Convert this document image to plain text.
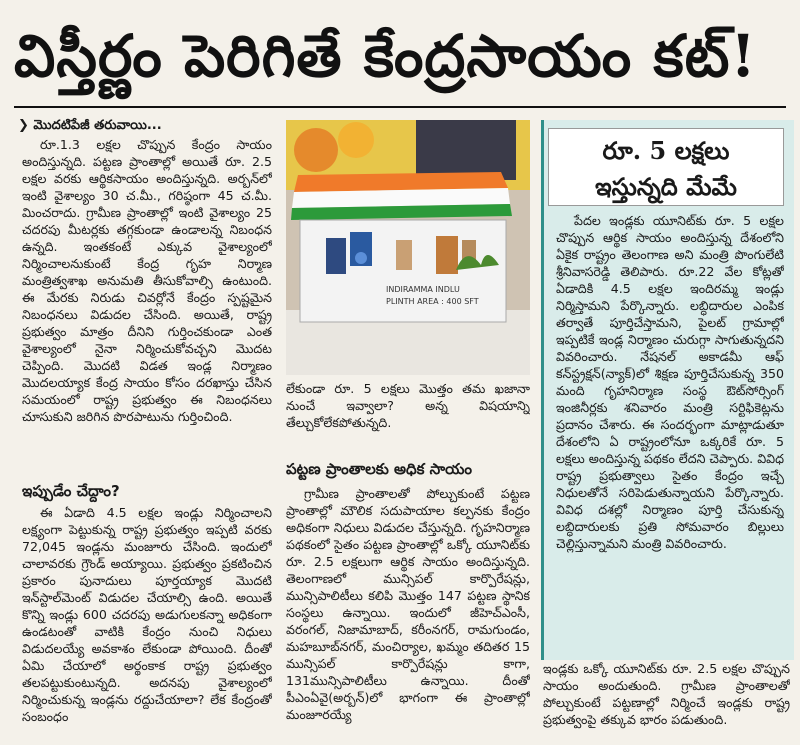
విస్తీర్ణం పెరిగితే కేంద్రసాయం కట్‌!
❯ మొదటిపేజీ తరువాయి...

రూ.1.3 లక్షల చొప్పున కేంద్రం సాయం అందిస్తున్నది. పట్టణ ప్రాంతాల్లో అయితే రూ. 2.5 లక్షల వరకు ఆర్థికసాయం అందిస్తున్నది. అర్బన్‌లో ఇంటి వైశాల్యం 30 చ.మీ., గరిష్ఠంగా 45 చ.మీ. మించరాదు. గ్రామీణ ప్రాంతాల్లో ఇంటి వైశాల్యం 25 చదరపు మీటర్లకు తగ్గకుండా ఉండాలన్న నిబంధన ఉన్నది. ఇంతకంటే ఎక్కువ వైశాల్యంలో నిర్మించాలనుకుంటే కేంద్ర గృహ నిర్మాణ మంత్రిత్వశాఖ అనుమతి తీసుకోవాల్సి ఉంటుంది. ఈ మేరకు నిరుడు చివర్లోనే కేంద్రం స్పష్టమైన నిబంధనలు విడుదల చేసింది. అయితే, రాష్ట్ర ప్రభుత్వం మాత్రం దీనిని గుర్తించకుండా ఎంత వైశాల్యంలో నైనా నిర్మించుకోవచ్చని మొదట చెప్పింది. మొదటి విడత ఇండ్ల నిర్మాణం మొదలయ్యాక కేంద్ర సాయం కోసం దరఖాస్తు చేసిన సమయంలో రాష్ట్ర ప్రభుత్వం ఈ నిబంధనలు చూసుకుని జరిగిన పొరపాటును గుర్తించింది.

ఇప్పుడేం చేద్దాం?

ఈ ఏడాది 4.5 లక్షల ఇండ్లు నిర్మించాలని లక్ష్యంగా పెట్టుకున్న రాష్ట్ర ప్రభుత్వం ఇప్పటి వరకు 72,045 ఇండ్లను మంజూరు చేసింది. ఇందులో చాలావరకు గ్రౌండ్ అయ్యాయి. ప్రభుత్వం ప్రకటించిన ప్రకారం పునాదులు పూర్తయ్యాక మొదటి ఇన్‌స్టాల్‌మెంట్ విడుదల చేయాల్సి ఉంది. అయితే కొన్ని ఇండ్లు 600 చదరపు అడుగులకన్నా అధికంగా ఉండటంతో వాటికి కేంద్రం నుంచి నిధులు విడుదలయ్యే అవకాశం లేకుండా పోయింది. దీంతో ఏమి చేయాలో అర్థంకాక రాష్ట్ర ప్రభుత్వం తలపట్టుకుంటున్నది. అదనపు వైశాల్యంలో నిర్మించుకున్న ఇండ్లను రద్దుచేయాలా? లేక కేంద్రంతో సంబంధం

INDIRAMMA INDLU
PLINTH AREA : 400 SFT

లేకుండా రూ. 5 లక్షలు మొత్తం తమ ఖజానా నుంచే ఇవ్వాలా? అన్న విషయాన్ని తేల్చుకోలేకపోతున్నది.

పట్టణ ప్రాంతాలకు అధిక సాయం

గ్రామీణ ప్రాంతాలతో పోల్చుకుంటే పట్టణ ప్రాంతాల్లో మౌలిక సదుపాయాల కల్పనకు కేంద్రం అధికంగా నిధులు విడుదల చేస్తున్నది. గృహనిర్మాణ పథకంలో సైతం పట్టణ ప్రాంతాల్లో ఒక్కో యూనిట్‌కు రూ. 2.5 లక్షలుగా ఆర్థిక సాయం అందిస్తున్నది. తెలంగాణలో మున్సిపల్ కార్పొరేషన్లు, మున్సిపాలిటీలు కలిపి మొత్తం 147 పట్టణ స్థానిక సంస్థలు ఉన్నాయి. ఇందులో జీహెచ్ఎంసీ, వరంగల్, నిజామాబాద్, కరీంనగర్, రామగుండం, మహబూబ్‌నగర్, మంచిర్యాల, ఖమ్మం తదితర 15 మున్సిపల్ కార్పొరేషన్లు కాగా, 131మున్సిపాలిటీలు ఉన్నాయి. దీంతో పీఎంఏవై(అర్బన్)లో భాగంగా ఈ ప్రాంతాల్లో మంజూరయ్యే

రూ. 5 లక్షలు
ఇస్తున్నది మేమే

పేదల ఇండ్లకు యూనిట్‌కు రూ. 5 లక్షల చొప్పున ఆర్థిక సాయం అందిస్తున్న దేశంలోని ఏకైక రాష్ట్రం తెలంగాణ అని మంత్రి పొంగులేటి శ్రీనివాసరెడ్డి తెలిపారు. రూ.22 వేల కోట్లతో ఏడాదికి 4.5 లక్షల ఇందిరమ్మ ఇండ్లు నిర్మిస్తామని పేర్కొన్నారు. లబ్ధిదారుల ఎంపిక తర్వాతే పూర్తిచేస్తామని, పైలట్ గ్రామాల్లో ఇప్పటికే ఇండ్ల నిర్మాణం చురుగ్గా సాగుతున్నదని వివరించారు. నేషనల్ అకాడమీ ఆఫ్ కన్‌స్ట్రక్షన్(న్యాక్)లో శిక్షణ పూర్తిచేసుకున్న 350 మంది గృహనిర్మాణ సంస్థ ఔట్‌సోర్సింగ్ ఇంజినీర్లకు శనివారం మంత్రి సర్టిఫికెట్లను ప్రదానం చేశారు. ఈ సందర్భంగా మాట్లాడుతూ దేశంలోని ఏ రాష్ట్రంలోనూ ఒక్కరికే రూ. 5 లక్షలు అందిస్తున్న పథకం లేదని చెప్పారు. వివిధ రాష్ట్ర ప్రభుత్వాలు సైతం కేంద్రం ఇచ్చే నిధులతోనే సరిపెడుతున్నాయని పేర్కొన్నారు. వివిధ దశల్లో నిర్మాణం పూర్తి చేసుకున్న లబ్ధిదారులకు ప్రతి సోమవారం బిల్లులు చెల్లిస్తున్నామని మంత్రి వివరించారు.

ఇండ్లకు ఒక్కో యూనిట్‌కు రూ. 2.5 లక్షల చొప్పున సాయం అందుతుంది. గ్రామీణ ప్రాంతాలతో పోల్చుకుంటే పట్టణాల్లో నిర్మించే ఇండ్లకు రాష్ట్ర ప్రభుత్వంపై తక్కువ భారం పడుతుంది.
